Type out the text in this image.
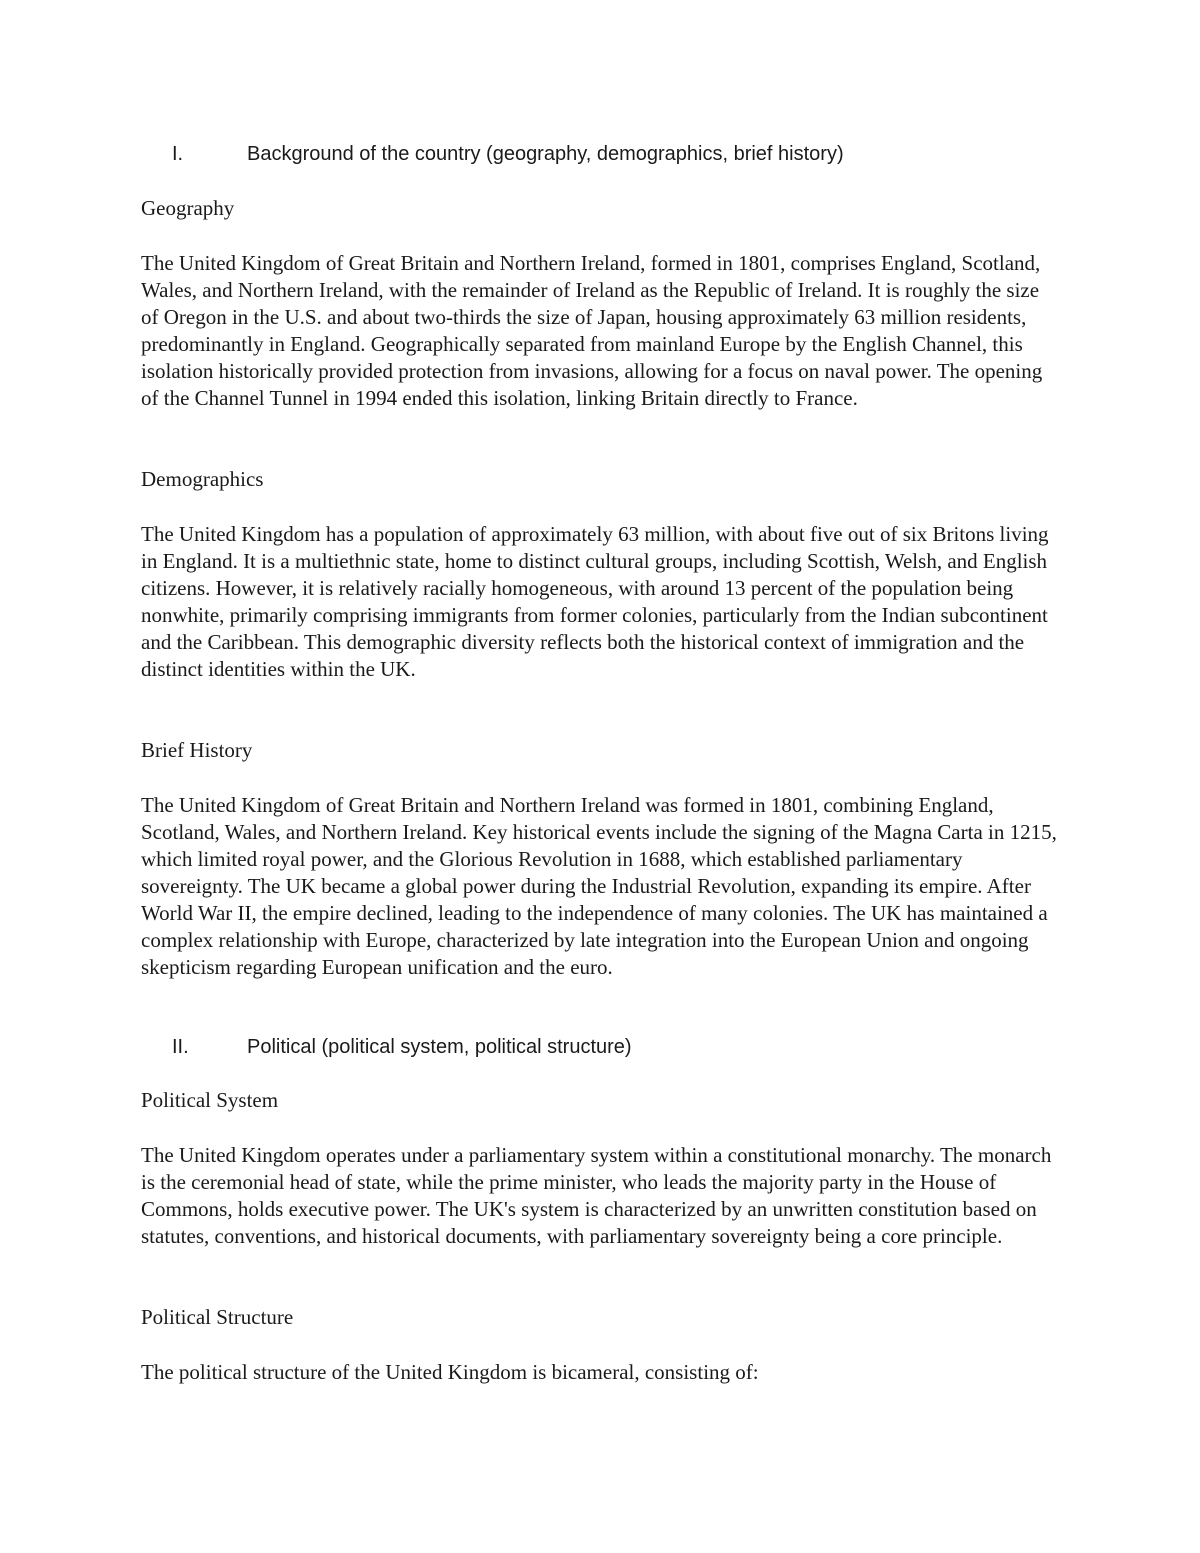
I.	Background of the country (geography, demographics, brief history)
Geography

The United Kingdom of Great Britain and Northern Ireland, formed in 1801, comprises England, Scotland, Wales, and Northern Ireland, with the remainder of Ireland as the Republic of Ireland. It is roughly the size of Oregon in the U.S. and about two-thirds the size of Japan, housing approximately 63 million residents, predominantly in England. Geographically separated from mainland Europe by the English Channel, this isolation historically provided protection from invasions, allowing for a focus on naval power. The opening of the Channel Tunnel in 1994 ended this isolation, linking Britain directly to France.

Demographics

The United Kingdom has a population of approximately 63 million, with about five out of six Britons living in England. It is a multiethnic state, home to distinct cultural groups, including Scottish, Welsh, and English citizens. However, it is relatively racially homogeneous, with around 13 percent of the population being nonwhite, primarily comprising immigrants from former colonies, particularly from the Indian subcontinent and the Caribbean. This demographic diversity reflects both the historical context of immigration and the distinct identities within the UK.

Brief History

The United Kingdom of Great Britain and Northern Ireland was formed in 1801, combining England, Scotland, Wales, and Northern Ireland. Key historical events include the signing of the Magna Carta in 1215, which limited royal power, and the Glorious Revolution in 1688, which established parliamentary sovereignty. The UK became a global power during the Industrial Revolution, expanding its empire. After World War II, the empire declined, leading to the independence of many colonies. The UK has maintained a complex relationship with Europe, characterized by late integration into the European Union and ongoing skepticism regarding European unification and the euro.

II.	Political (political system, political structure)
Political System

The United Kingdom operates under a parliamentary system within a constitutional monarchy. The monarch is the ceremonial head of state, while the prime minister, who leads the majority party in the House of Commons, holds executive power. The UK's system is characterized by an unwritten constitution based on statutes, conventions, and historical documents, with parliamentary sovereignty being a core principle.

Political Structure

The political structure of the United Kingdom is bicameral, consisting of:
